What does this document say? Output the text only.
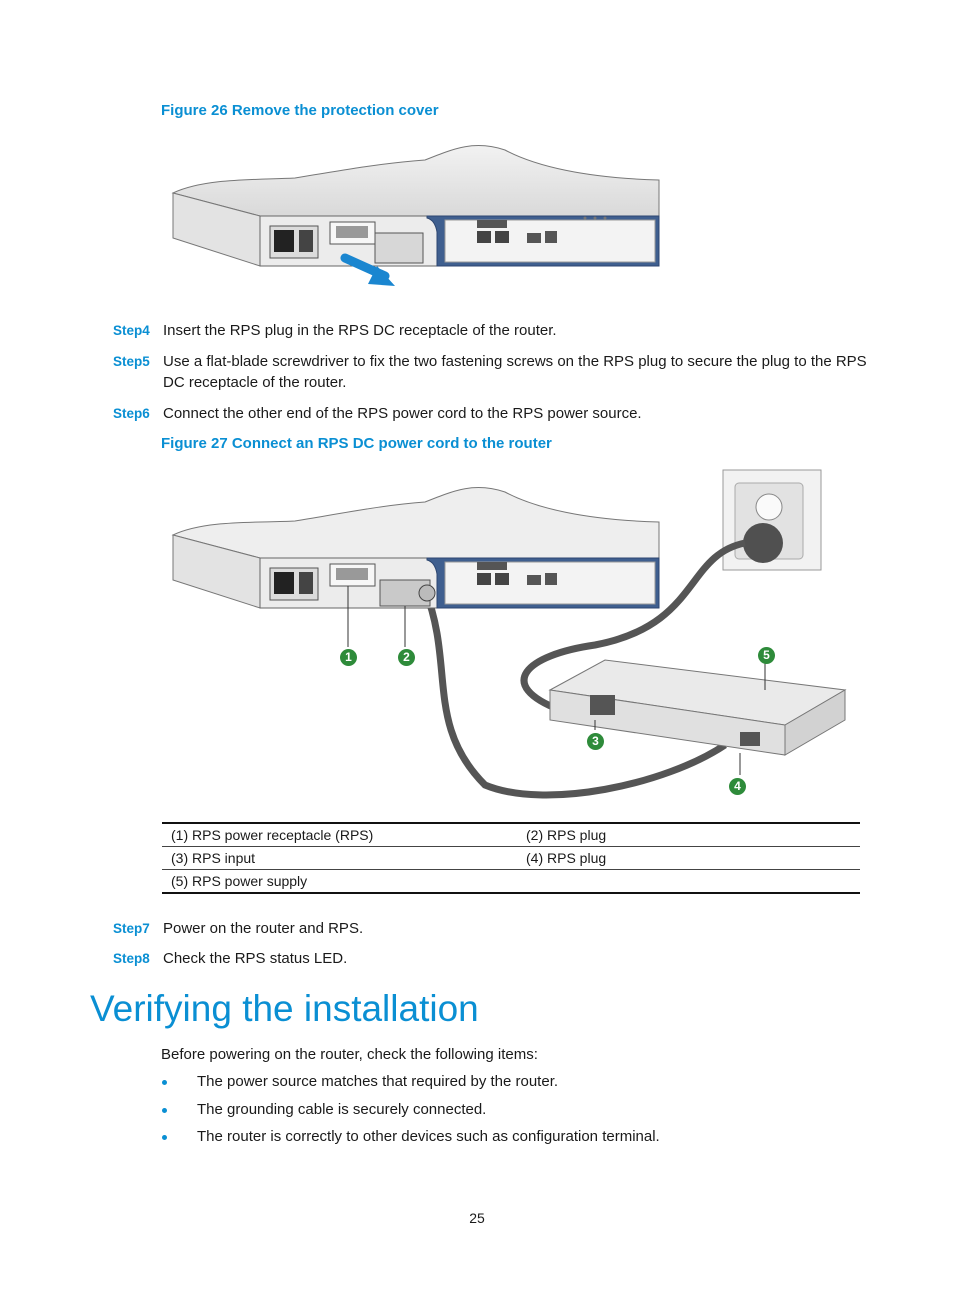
Figure 26 Remove the protection cover
Step4 Insert the RPS plug in the RPS DC receptacle of the router.
Step5 Use a flat-blade screwdriver to fix the two fastening screws on the RPS plug to secure the plug to the RPS DC receptacle of the router.
Step6 Connect the other end of the RPS power cord to the RPS power source.
Figure 27 Connect an RPS DC power cord to the router
1	2
3
4
5
(1) RPS power receptacle (RPS)	(2) RPS plug
(3) RPS input	(4) RPS plug
(5) RPS power supply	
Step7 Power on the router and RPS.
Step8 Check the RPS status LED.
Verifying the installation
Before powering on the router, check the following items:
The power source matches that required by the router.
The grounding cable is securely connected.
The router is correctly to other devices such as configuration terminal.
25
